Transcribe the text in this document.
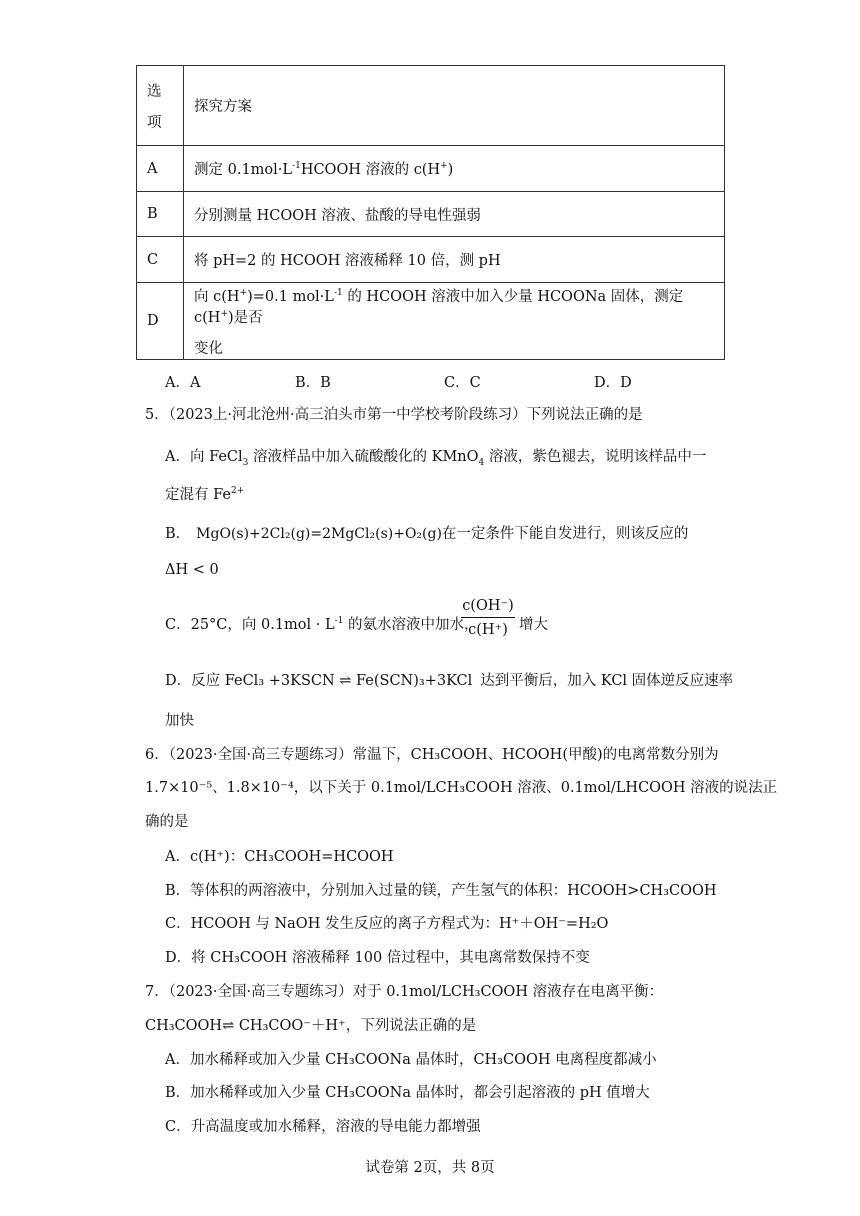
选
项	探究方案
A	测定 $0.1mol\cdot L^{-1}HCOOH$ 溶液的 c(H+)
B	分别测量 HCOOH 溶液、盐酸的导电性强弱
C	将 pH=2 的 HCOOH 溶液稀释 10 倍，测 pH
D	向 c(H+)=0.1 $mol\cdot L^{-1}$ 的 HCOOH 溶液中加入少量 HCOONa 固体，测定 c(H+)是否
变化
A．A	B．B	C．C	D．D
5．（2023上·河北沧州·高三泊头市第一中学校考阶段练习）下列说法正确的是
A．向 FeCl$_3$ 溶液样品中加入硫酸酸化的 KMnO$_4$ 溶液，紫色褪去，说明该样品中一
定混有 $Fe^{2+}$
B． MgO(s)+2Cl₂(g)=2MgCl₂(s)+O₂(g)在一定条件下能自发进行，则该反应的
ΔH < 0
C．25°C，向 $0.1mol \cdot L^{-1}$ 的氨水溶液中加水，
c(OH⁻)
c(H⁺) 增大
D．反应 FeCl₃ +3KSCN ⇌ Fe(SCN)₃+3KCl 达到平衡后，加入 KCl 固体逆反应速率
加快
6．（2023·全国·高三专题练习）常温下，CH₃COOH、HCOOH(甲酸)的电离常数分别为
1.7×10⁻⁵、1.8×10⁻⁴，以下关于 0.1mol/LCH₃COOH 溶液、0.1mol/LHCOOH 溶液的说法正
确的是
A．c(H⁺)：CH₃COOH=HCOOH
B．等体积的两溶液中，分别加入过量的镁，产生氢气的体积：HCOOH>CH₃COOH
C．HCOOH 与 NaOH 发生反应的离子方程式为：H⁺＋OH⁻=H₂O
D．将 CH₃COOH 溶液稀释 100 倍过程中，其电离常数保持不变
7．（2023·全国·高三专题练习）对于 0.1mol/LCH₃COOH 溶液存在电离平衡：
CH₃COOH⇌ CH₃COO⁻＋H⁺，下列说法正确的是
A．加水稀释或加入少量 CH₃COONa 晶体时，CH₃COOH 电离程度都减小
B．加水稀释或加入少量 CH₃COONa 晶体时，都会引起溶液的 pH 值增大
C．升高温度或加水稀释，溶液的导电能力都增强
试卷第 2页，共 8页
